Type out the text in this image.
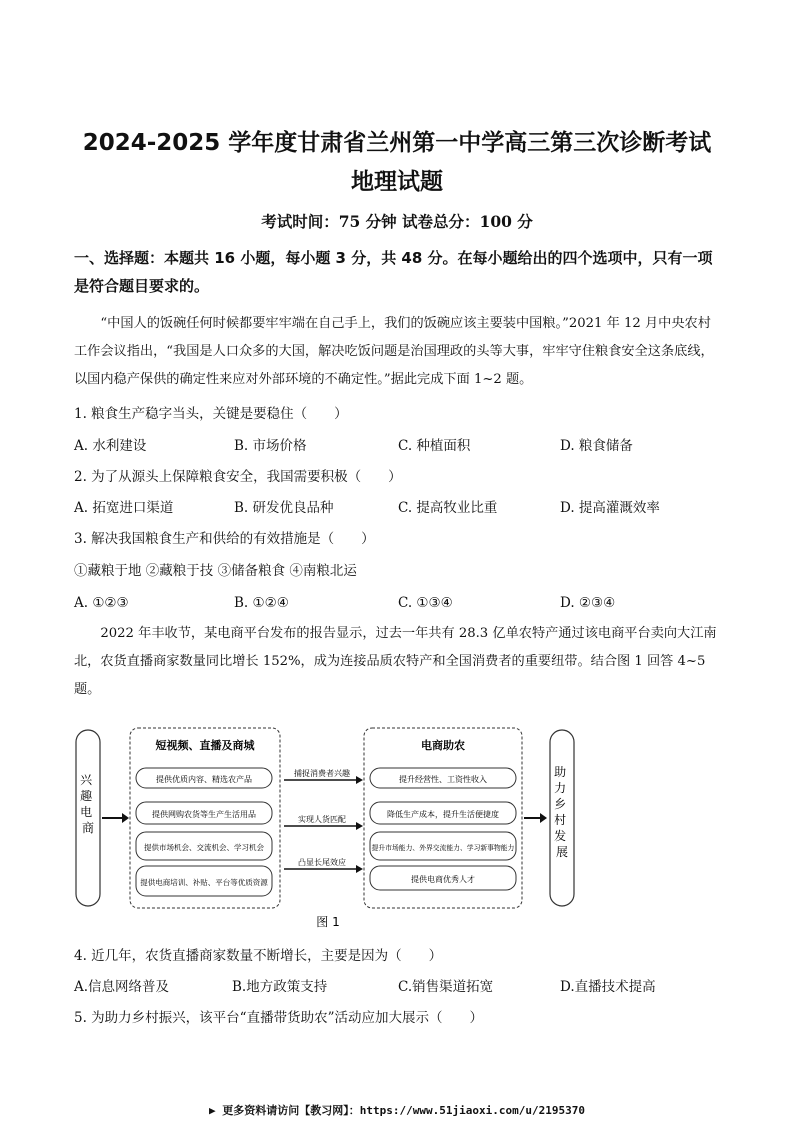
2024-2025 学年度甘肃省兰州第一中学高三第三次诊断考试
地理试题
考试时间：75 分钟 试卷总分：100 分
一、选择题：本题共 16 小题，每小题 3 分，共 48 分。在每小题给出的四个选项中，只有一项是符合题目要求的。
“中国人的饭碗任何时候都要牢牢端在自己手上，我们的饭碗应该主要装中国粮。”2021 年 12 月中央农村工作会议指出，“我国是人口众多的大国，解决吃饭问题是治国理政的头等大事，牢牢守住粮食安全这条底线，以国内稳产保供的确定性来应对外部环境的不确定性。”据此完成下面 1~2 题。
1. 粮食生产稳字当头，关键是要稳住（　　）
A. 水利建设	B. 市场价格	C. 种植面积	D. 粮食储备
2. 为了从源头上保障粮食安全，我国需要积极（　　）
A. 拓宽进口渠道	B. 研发优良品种	C. 提高牧业比重	D. 提高灌溉效率
3. 解决我国粮食生产和供给的有效措施是（　　）
①藏粮于地 ②藏粮于技 ③储备粮食 ④南粮北运
A. ①②③	B. ①②④	C. ①③④	D. ②③④
2022 年丰收节，某电商平台发布的报告显示，过去一年共有 28.3 亿单农特产通过该电商平台卖向大江南北，农货直播商家数量同比增长 152%，成为连接品质农特产和全国消费者的重要纽带。结合图 1 回答 4~5 题。
兴 趣 电 商
短视频、直播及商城
提供优质内容、精选农产品
提供网购农货等生产生活用品
提供市场机会、交流机会、学习机会
提供电商培训、补贴、平台等优质资源
捕捉消费者兴趣
实现人货匹配
凸显长尾效应
电商助农
提升经营性、工资性收入
降低生产成本，提升生活便捷度
提升市场能力、外界交流能力、学习新事物能力
提供电商优秀人才
助 力 乡 村 发 展
图 1
4. 近几年，农货直播商家数量不断增长，主要是因为（　　）
A.信息网络普及	B.地方政策支持	C.销售渠道拓宽	D.直播技术提高
5. 为助力乡村振兴，该平台“直播带货助农”活动应加大展示（　　）
▶ 更多资料请访问【教习网】：https://www.51jiaoxi.com/u/2195370
